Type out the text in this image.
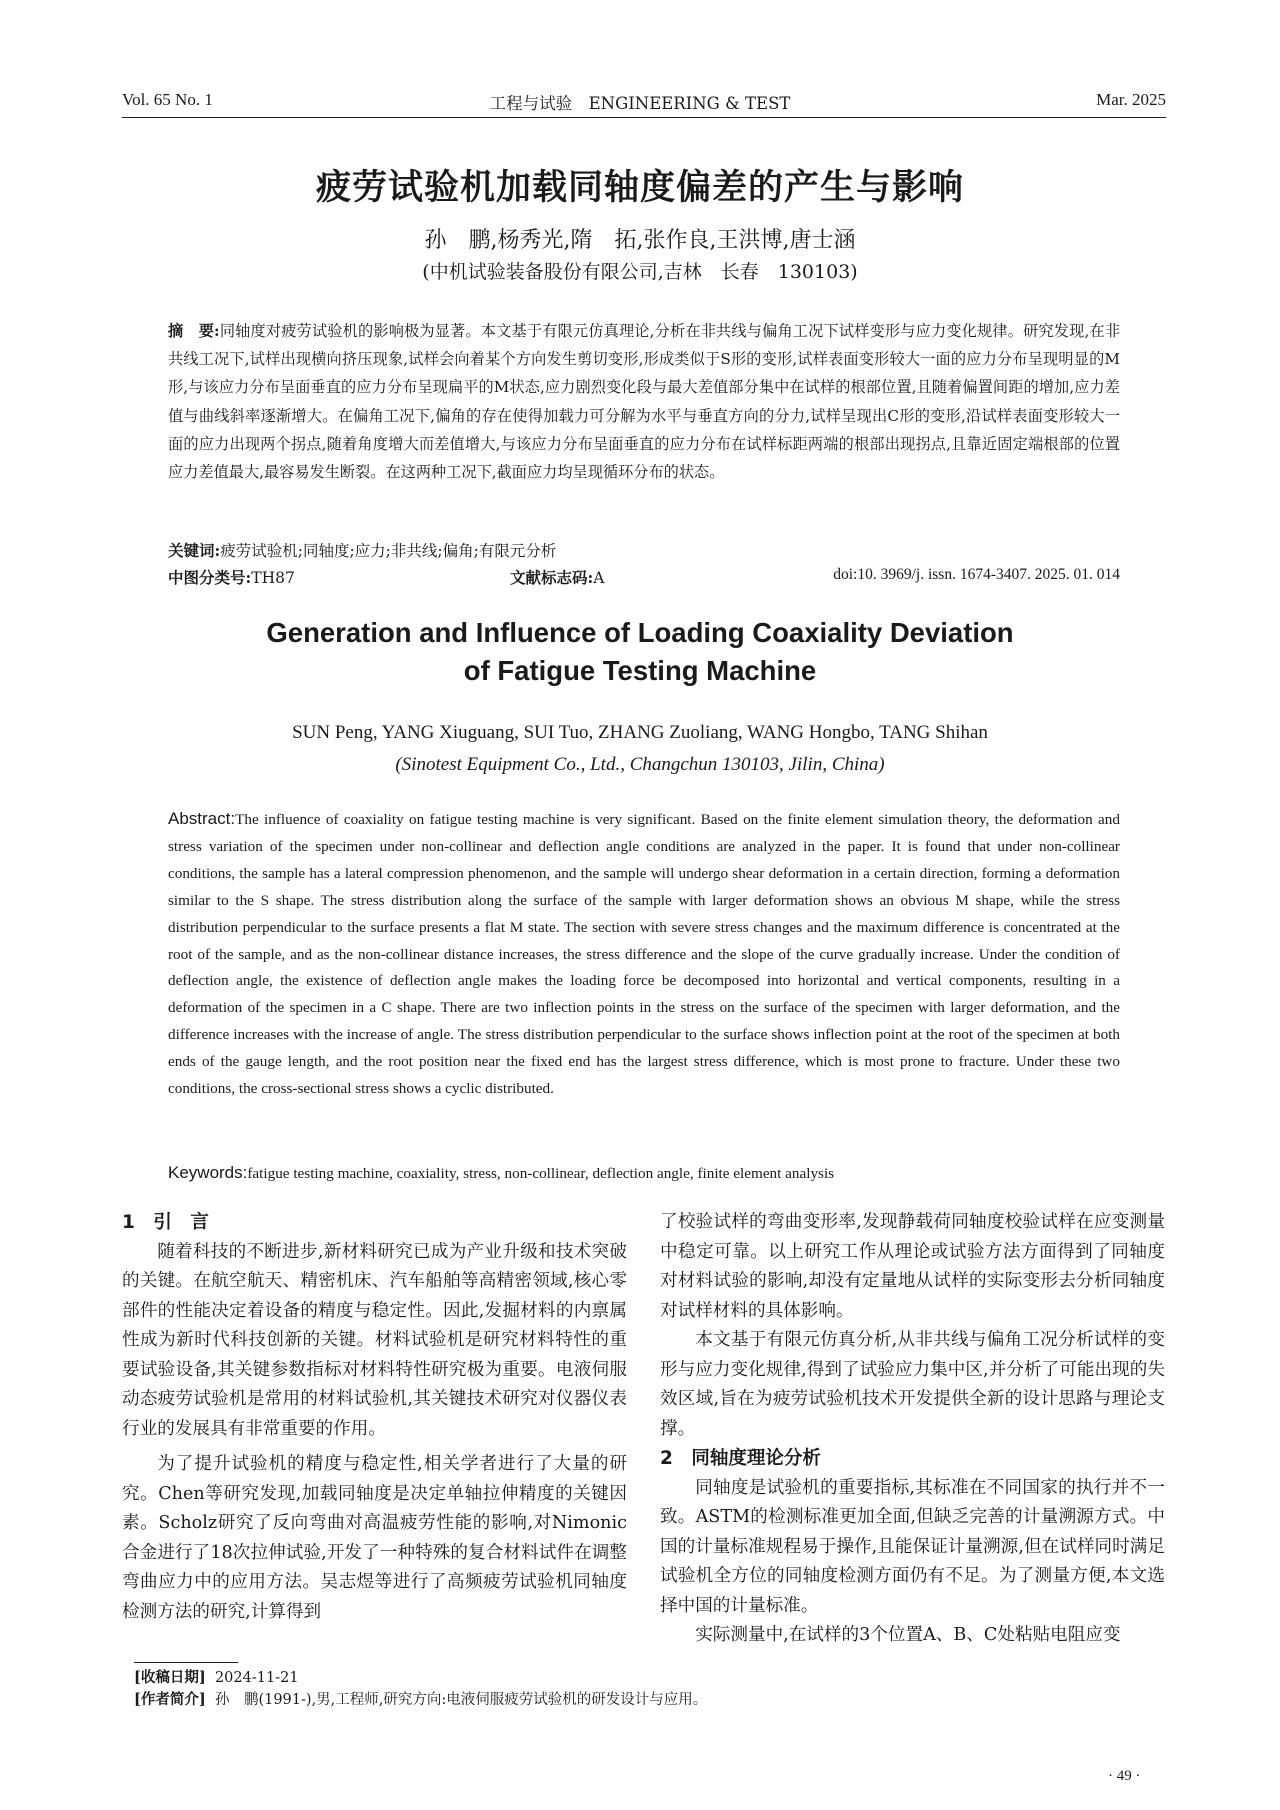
Vol. 65 No. 1	工程与试验　ENGINEERING & TEST	Mar. 2025
疲劳试验机加载同轴度偏差的产生与影响
孙　鹏,杨秀光,隋　拓,张作良,王洪博,唐士涵
(中机试验装备股份有限公司,吉林　长春　130103)
摘　要:同轴度对疲劳试验机的影响极为显著。本文基于有限元仿真理论,分析在非共线与偏角工况下试样变形与应力变化规律。研究发现,在非共线工况下,试样出现横向挤压现象,试样会向着某个方向发生剪切变形,形成类似于S形的变形,试样表面变形较大一面的应力分布呈现明显的M形,与该应力分布呈面垂直的应力分布呈现扁平的M状态,应力剧烈变化段与最大差值部分集中在试样的根部位置,且随着偏置间距的增加,应力差值与曲线斜率逐渐增大。在偏角工况下,偏角的存在使得加载力可分解为水平与垂直方向的分力,试样呈现出C形的变形,沿试样表面变形较大一面的应力出现两个拐点,随着角度增大而差值增大,与该应力分布呈面垂直的应力分布在试样标距两端的根部出现拐点,且靠近固定端根部的位置应力差值最大,最容易发生断裂。在这两种工况下,截面应力均呈现循环分布的状态。
关键词:疲劳试验机;同轴度;应力;非共线;偏角;有限元分析
中图分类号:TH87	文献标志码:A	doi:10. 3969/j. issn. 1674-3407. 2025. 01. 014
Generation and Influence of Loading Coaxiality Deviation
of Fatigue Testing Machine
SUN Peng, YANG Xiuguang, SUI Tuo, ZHANG Zuoliang, WANG Hongbo, TANG Shihan
(Sinotest Equipment Co., Ltd., Changchun 130103, Jilin, China)
Abstract:The influence of coaxiality on fatigue testing machine is very significant. Based on the finite element simulation theory, the deformation and stress variation of the specimen under non-collinear and deflection angle conditions are analyzed in the paper. It is found that under non-collinear conditions, the sample has a lateral compression phenomenon, and the sample will undergo shear deformation in a certain direction, forming a deformation similar to the S shape. The stress distribution along the surface of the sample with larger deformation shows an obvious M shape, while the stress distribution perpendicular to the surface presents a flat M state. The section with severe stress changes and the maximum difference is concentrated at the root of the sample, and as the non-collinear distance increases, the stress difference and the slope of the curve gradually increase. Under the condition of deflection angle, the existence of deflection angle makes the loading force be decomposed into horizontal and vertical components, resulting in a deformation of the specimen in a C shape. There are two inflection points in the stress on the surface of the specimen with larger deformation, and the difference increases with the increase of angle. The stress distribution perpendicular to the surface shows inflection point at the root of the specimen at both ends of the gauge length, and the root position near the fixed end has the largest stress difference, which is most prone to fracture. Under these two conditions, the cross-sectional stress shows a cyclic distributed.
Keywords:fatigue testing machine, coaxiality, stress, non-collinear, deflection angle, finite element analysis

1　引　言

随着科技的不断进步,新材料研究已成为产业升级和技术突破的关键。在航空航天、精密机床、汽车船舶等高精密领域,核心零部件的性能决定着设备的精度与稳定性。因此,发掘材料的内禀属性成为新时代科技创新的关键。材料试验机是研究材料特性的重要试验设备,其关键参数指标对材料特性研究极为重要。电液伺服动态疲劳试验机是常用的材料试验机,其关键技术研究对仪器仪表行业的发展具有非常重要的作用。

为了提升试验机的精度与稳定性,相关学者进行了大量的研究。Chen等研究发现,加载同轴度是决定单轴拉伸精度的关键因素。Scholz研究了反向弯曲对高温疲劳性能的影响,对Nimonic合金进行了18次拉伸试验,开发了一种特殊的复合材料试件在调整弯曲应力中的应用方法。吴志煜等进行了高频疲劳试验机同轴度检测方法的研究,计算得到

了校验试样的弯曲变形率,发现静载荷同轴度校验试样在应变测量中稳定可靠。以上研究工作从理论或试验方法方面得到了同轴度对材料试验的影响,却没有定量地从试样的实际变形去分析同轴度对试样材料的具体影响。

本文基于有限元仿真分析,从非共线与偏角工况分析试样的变形与应力变化规律,得到了试验应力集中区,并分析了可能出现的失效区域,旨在为疲劳试验机技术开发提供全新的设计思路与理论支撑。

2　同轴度理论分析

同轴度是试验机的重要指标,其标准在不同国家的执行并不一致。ASTM的检测标准更加全面,但缺乏完善的计量溯源方式。中国的计量标准规程易于操作,且能保证计量溯源,但在试样同时满足试验机全方位的同轴度检测方面仍有不足。为了测量方便,本文选择中国的计量标准。

实际测量中,在试样的3个位置A、B、C处粘贴电阻应变

[收稿日期] 2024-11-21
[作者简介] 孙　鹏(1991-),男,工程师,研究方向:电液伺服疲劳试验机的研发设计与应用。
· 49 ·
